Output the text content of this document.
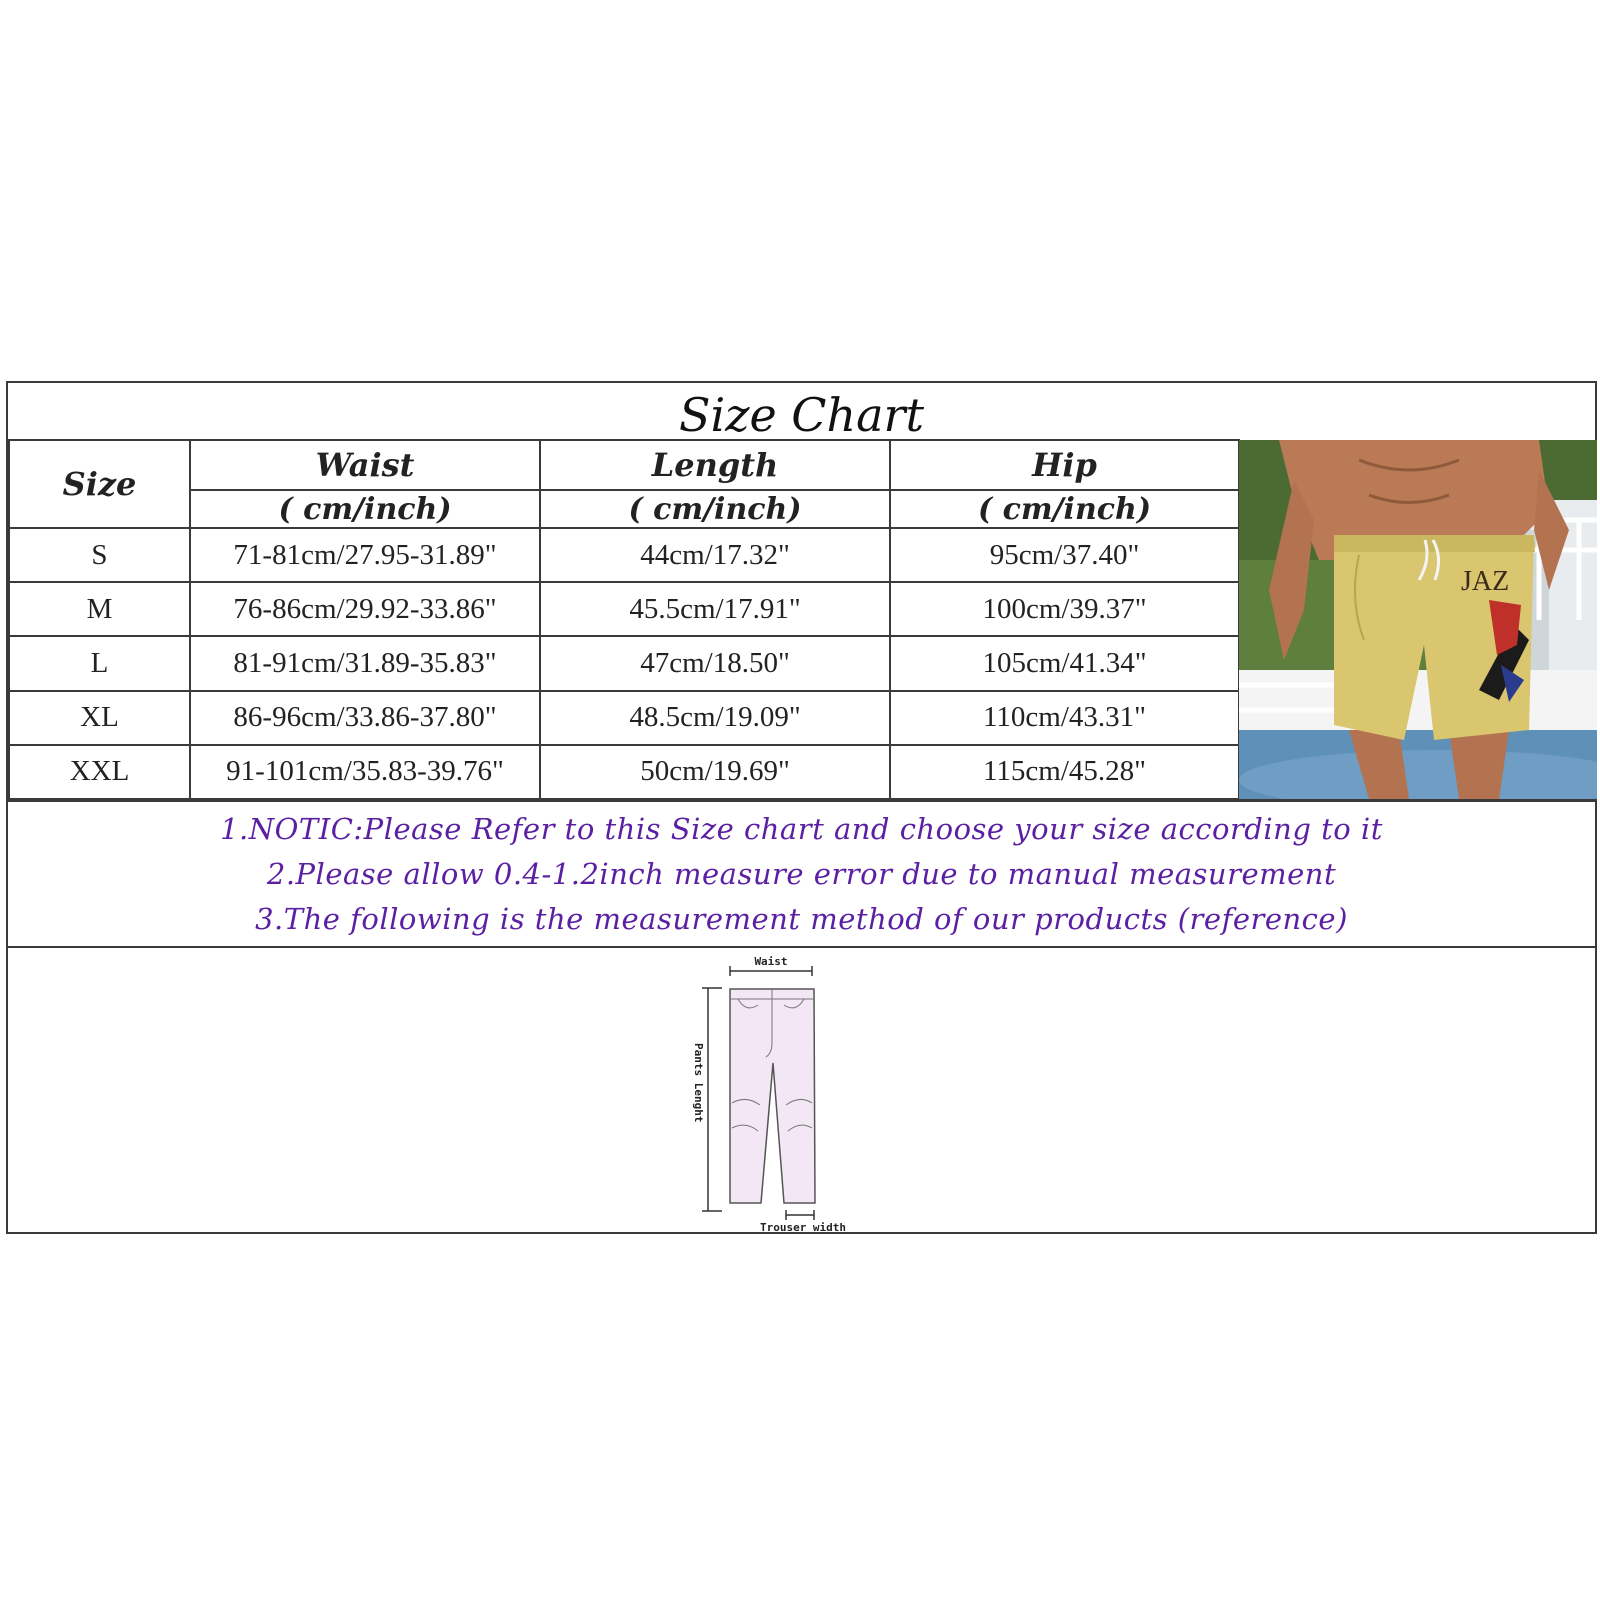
Size Chart
Size	Waist	Length	Hip
	( cm/inch)	( cm/inch)	( cm/inch)
S	71-81cm/27.95-31.89"	44cm/17.32"	95cm/37.40"
M	76-86cm/29.92-33.86"	45.5cm/17.91"	100cm/39.37"
L	81-91cm/31.89-35.83"	47cm/18.50"	105cm/41.34"
XL	86-96cm/33.86-37.80"	48.5cm/19.09"	110cm/43.31"
XXL	91-101cm/35.83-39.76"	50cm/19.69"	115cm/45.28"
JAZ
1.NOTIC:Please Refer to this Size chart and choose your size according to it
2.Please allow 0.4-1.2inch measure error due to manual measurement
3.The following is the measurement method of our products (reference)
Waist
Pants Lenght
Trouser width
